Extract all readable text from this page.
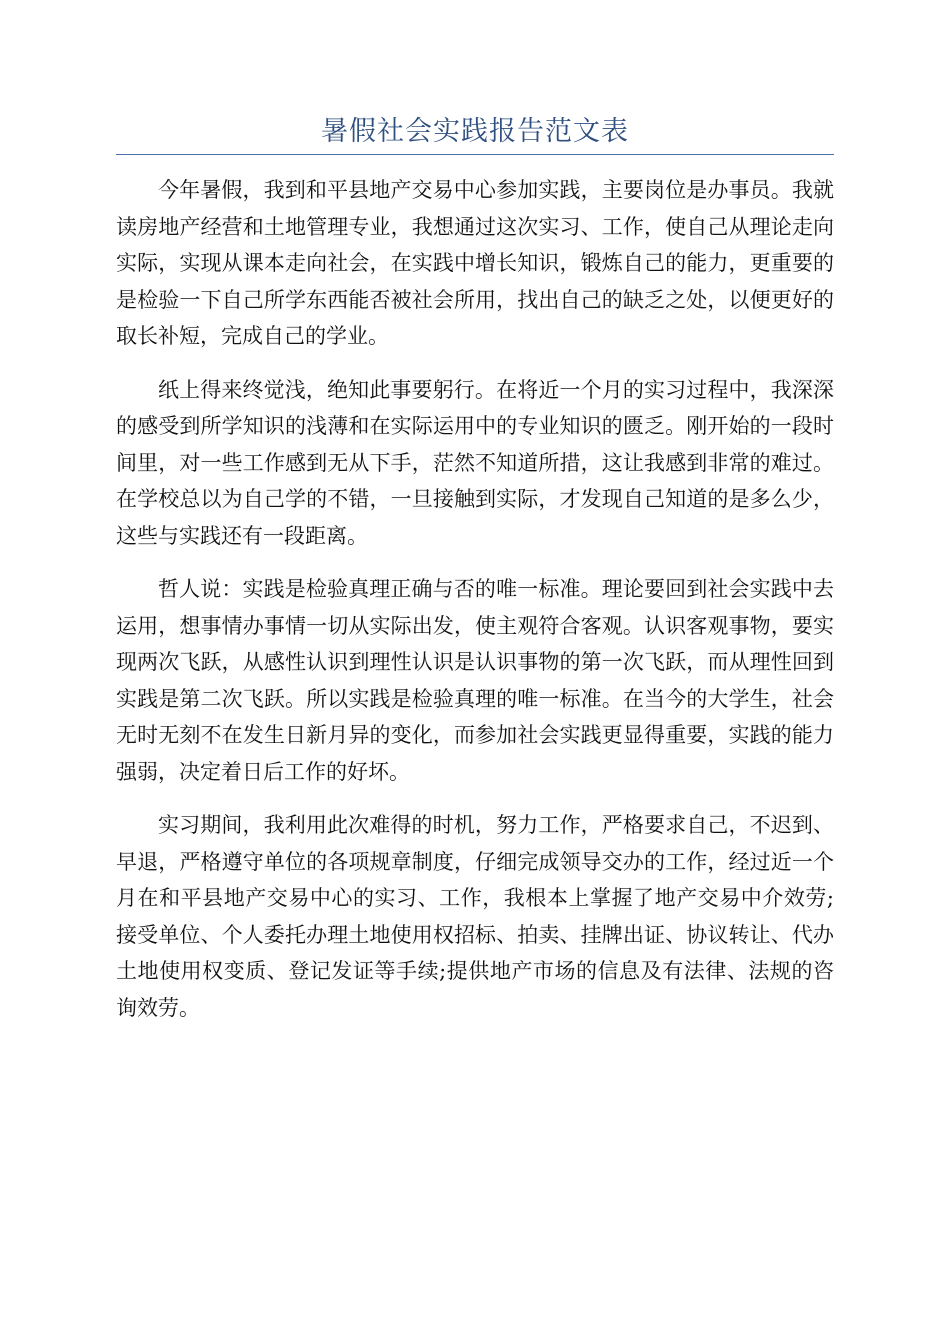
暑假社会实践报告范文表

今年暑假，我到和平县地产交易中心参加实践，主要岗位是办事员。我就读房地产经营和土地管理专业，我想通过这次实习、工作，使自己从理论走向实际，实现从课本走向社会，在实践中增长知识，锻炼自己的能力，更重要的是检验一下自己所学东西能否被社会所用，找出自己的缺乏之处，以便更好的取长补短，完成自己的学业。

纸上得来终觉浅，绝知此事要躬行。在将近一个月的实习过程中，我深深的感受到所学知识的浅薄和在实际运用中的专业知识的匮乏。刚开始的一段时间里，对一些工作感到无从下手，茫然不知道所措，这让我感到非常的难过。在学校总以为自己学的不错，一旦接触到实际，才发现自己知道的是多么少，这些与实践还有一段距离。

哲人说：实践是检验真理正确与否的唯一标准。理论要回到社会实践中去运用，想事情办事情一切从实际出发，使主观符合客观。认识客观事物，要实现两次飞跃，从感性认识到理性认识是认识事物的第一次飞跃，而从理性回到实践是第二次飞跃。所以实践是检验真理的唯一标准。在当今的大学生，社会无时无刻不在发生日新月异的变化，而参加社会实践更显得重要，实践的能力强弱，决定着日后工作的好坏。

实习期间，我利用此次难得的时机，努力工作，严格要求自己，不迟到、早退，严格遵守单位的各项规章制度，仔细完成领导交办的工作，经过近一个月在和平县地产交易中心的实习、工作，我根本上掌握了地产交易中介效劳;接受单位、个人委托办理土地使用权招标、拍卖、挂牌出证、协议转让、代办土地使用权变质、登记发证等手续;提供地产市场的信息及有法律、法规的咨询效劳。
